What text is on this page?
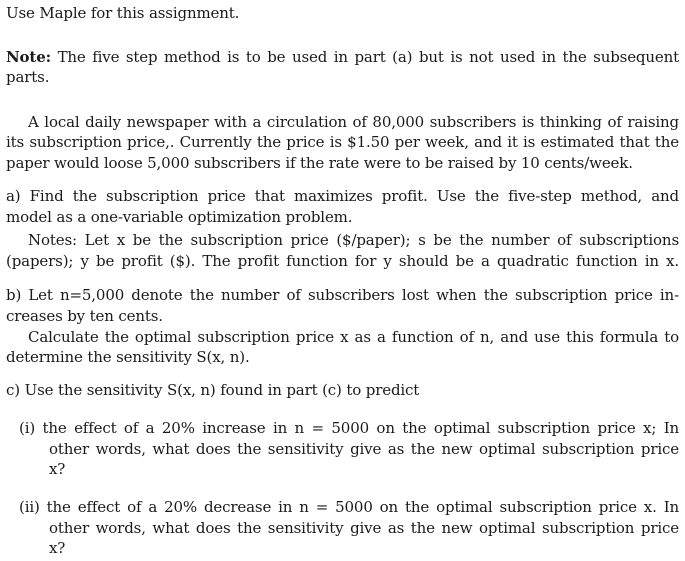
Use Maple for this assignment.
Note: The five step method is to be used in part (a) but is not used in the subsequent
parts.
A local daily newspaper with a circulation of 80,000 subscribers is thinking of raising
its subscription price,. Currently the price is $1.50 per week, and it is estimated that the
paper would loose 5,000 subscribers if the rate were to be raised by 10 cents/week.
a) Find the subscription price that maximizes profit. Use the five-step method, and
model as a one-variable optimization problem.
Notes: Let x be the subscription price ($/paper); s be the number of subscriptions
(papers); y be profit ($). The profit function for y should be a quadratic function in x.
b) Let n=5,000 denote the number of subscribers lost when the subscription price in-
creases by ten cents.
Calculate the optimal subscription price x as a function of n, and use this formula to
determine the sensitivity S(x, n).
c) Use the sensitivity S(x, n) found in part (c) to predict
(i) the effect of a 20% increase in n = 5000 on the optimal subscription price x; In
other words, what does the sensitivity give as the new optimal subscription price
x?
(ii) the effect of a 20% decrease in n = 5000 on the optimal subscription price x. In
other words, what does the sensitivity give as the new optimal subscription price
x?
